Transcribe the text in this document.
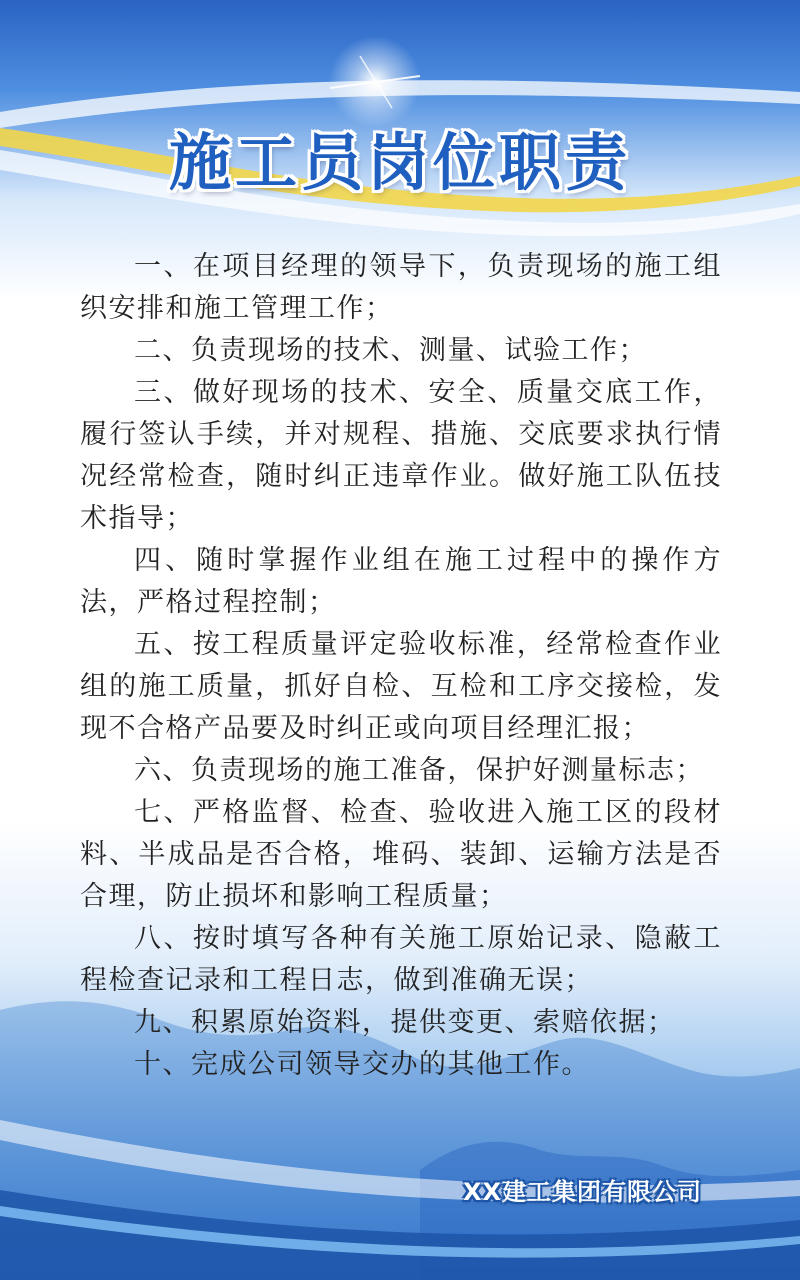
施工员岗位职责

一、在项目经理的领导下，负责现场的施工组织安排和施工管理工作；

二、负责现场的技术、测量、试验工作；

三、做好现场的技术、安全、质量交底工作，履行签认手续，并对规程、措施、交底要求执行情况经常检查，随时纠正违章作业。做好施工队伍技术指导；

四、随时掌握作业组在施工过程中的操作方法，严格过程控制；

五、按工程质量评定验收标准，经常检查作业组的施工质量，抓好自检、互检和工序交接检，发现不合格产品要及时纠正或向项目经理汇报；

六、负责现场的施工准备，保护好测量标志；

七、严格监督、检查、验收进入施工区的段材料、半成品是否合格，堆码、装卸、运输方法是否合理，防止损坏和影响工程质量；

八、按时填写各种有关施工原始记录、隐蔽工程检查记录和工程日志，做到准确无误；

九、积累原始资料，提供变更、索赔依据；

十、完成公司领导交办的其他工作。

XX建工集团有限公司
